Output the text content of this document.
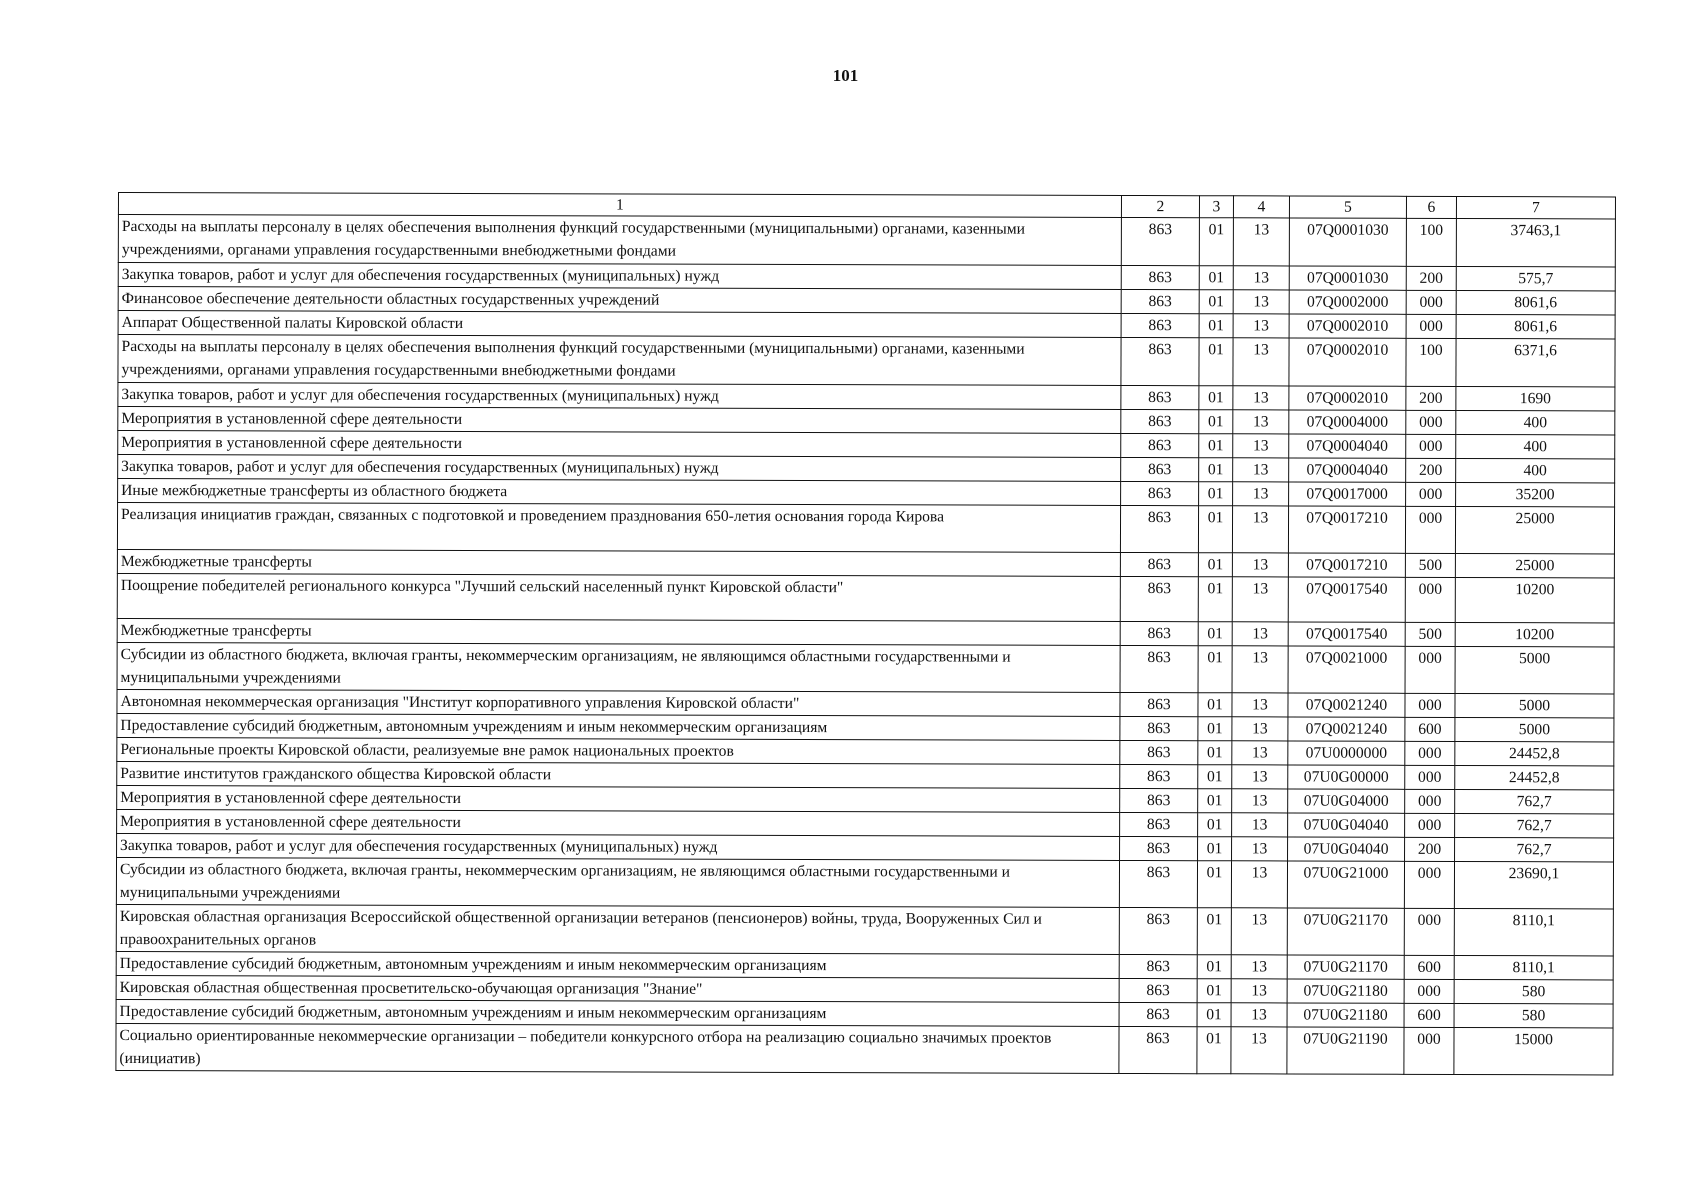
101
1	2	3	4	5	6	7
Расходы на выплаты персоналу в целях обеспечения выполнения функций государственными (муниципальными) органами, казенными учреждениями, органами управления государственными внебюджетными фондами	863	01	13	07Q0001030	100	37463,1
Закупка товаров, работ и услуг для обеспечения государственных (муниципальных) нужд	863	01	13	07Q0001030	200	575,7
Финансовое обеспечение деятельности областных государственных учреждений	863	01	13	07Q0002000	000	8061,6
Аппарат Общественной палаты Кировской области	863	01	13	07Q0002010	000	8061,6
Расходы на выплаты персоналу в целях обеспечения выполнения функций государственными (муниципальными) органами, казенными учреждениями, органами управления государственными внебюджетными фондами	863	01	13	07Q0002010	100	6371,6
Закупка товаров, работ и услуг для обеспечения государственных (муниципальных) нужд	863	01	13	07Q0002010	200	1690
Мероприятия в установленной сфере деятельности	863	01	13	07Q0004000	000	400
Мероприятия в установленной сфере деятельности	863	01	13	07Q0004040	000	400
Закупка товаров, работ и услуг для обеспечения государственных (муниципальных) нужд	863	01	13	07Q0004040	200	400
Иные межбюджетные трансферты из областного бюджета	863	01	13	07Q0017000	000	35200
Реализация инициатив граждан, связанных с подготовкой и проведением празднования 650-летия основания города Кирова	863	01	13	07Q0017210	000	25000
Межбюджетные трансферты	863	01	13	07Q0017210	500	25000
Поощрение победителей регионального конкурса "Лучший сельский населенный пункт Кировской области"	863	01	13	07Q0017540	000	10200
Межбюджетные трансферты	863	01	13	07Q0017540	500	10200
Субсидии из областного бюджета, включая гранты, некоммерческим организациям, не являющимся областными государственными и муниципальными учреждениями	863	01	13	07Q0021000	000	5000
Автономная некоммерческая организация "Институт корпоративного управления Кировской области"	863	01	13	07Q0021240	000	5000
Предоставление субсидий бюджетным, автономным учреждениям и иным некоммерческим организациям	863	01	13	07Q0021240	600	5000
Региональные проекты Кировской области, реализуемые вне рамок национальных проектов	863	01	13	07U0000000	000	24452,8
Развитие институтов гражданского общества Кировской области	863	01	13	07U0G00000	000	24452,8
Мероприятия в установленной сфере деятельности	863	01	13	07U0G04000	000	762,7
Мероприятия в установленной сфере деятельности	863	01	13	07U0G04040	000	762,7
Закупка товаров, работ и услуг для обеспечения государственных (муниципальных) нужд	863	01	13	07U0G04040	200	762,7
Субсидии из областного бюджета, включая гранты, некоммерческим организациям, не являющимся областными государственными и муниципальными учреждениями	863	01	13	07U0G21000	000	23690,1
Кировская областная организация Всероссийской общественной организации ветеранов (пенсионеров) войны, труда, Вооруженных Сил и правоохранительных органов	863	01	13	07U0G21170	000	8110,1
Предоставление субсидий бюджетным, автономным учреждениям и иным некоммерческим организациям	863	01	13	07U0G21170	600	8110,1
Кировская областная общественная просветительско-обучающая организация "Знание"	863	01	13	07U0G21180	000	580
Предоставление субсидий бюджетным, автономным учреждениям и иным некоммерческим организациям	863	01	13	07U0G21180	600	580
Социально ориентированные некоммерческие организации – победители конкурсного отбора на реализацию социально значимых проектов (инициатив)	863	01	13	07U0G21190	000	15000
